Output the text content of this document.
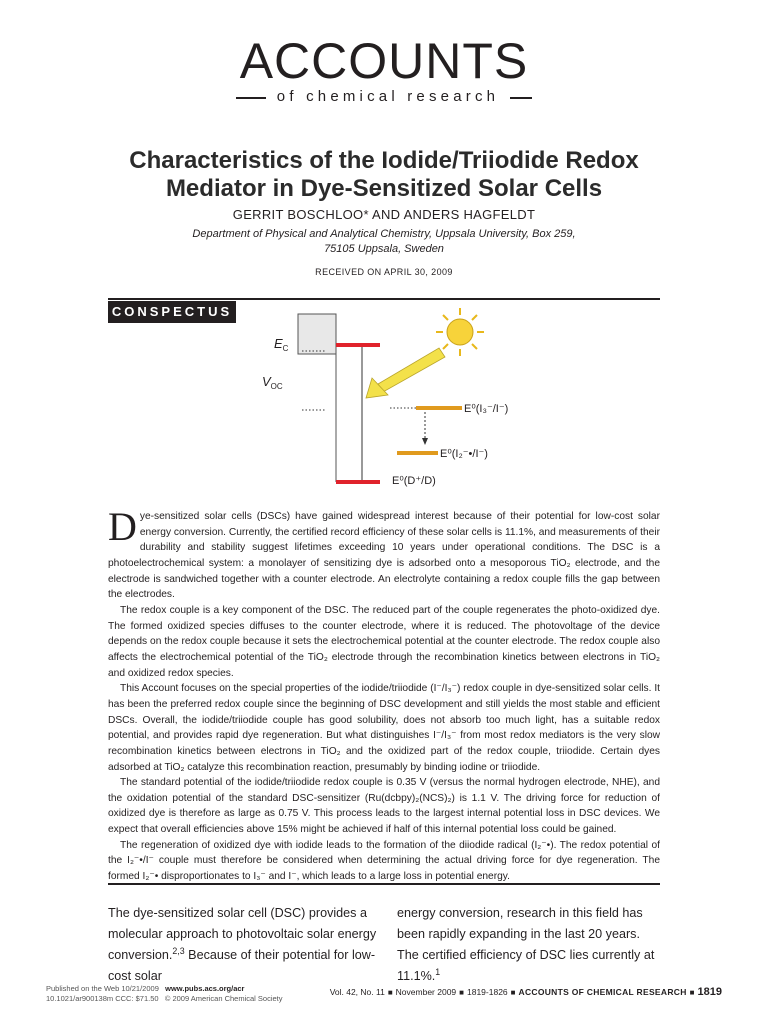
ACCOUNTS
of chemical research
Characteristics of the Iodide/Triiodide Redox
Mediator in Dye-Sensitized Solar Cells
GERRIT BOSCHLOO* AND ANDERS HAGFELDT
Department of Physical and Analytical Chemistry, Uppsala University, Box 259,
75105 Uppsala, Sweden
RECEIVED ON APRIL 30, 2009
CONSPECTUS
$E_C$
$V_{OC}$
E⁰(I₃⁻/I⁻)
E⁰(I₂⁻•/I⁻)
E⁰(D⁺/D)

Dye-sensitized solar cells (DSCs) have gained widespread interest because of their potential for low-cost solar energy conversion. Currently, the certified record efficiency of these solar cells is 11.1%, and measurements of their durability and stability suggest lifetimes exceeding 10 years under operational conditions. The DSC is a photoelectrochemical system: a monolayer of sensitizing dye is adsorbed onto a mesoporous TiO₂ electrode, and the electrode is sandwiched together with a counter electrode. An electrolyte containing a redox couple fills the gap between the electrodes.

The redox couple is a key component of the DSC. The reduced part of the couple regenerates the photo-oxidized dye. The formed oxidized species diffuses to the counter electrode, where it is reduced. The photovoltage of the device depends on the redox couple because it sets the electrochemical potential at the counter electrode. The redox couple also affects the electrochemical potential of the TiO₂ electrode through the recombination kinetics between electrons in TiO₂ and oxidized redox species.

This Account focuses on the special properties of the iodide/triiodide (I⁻/I₃⁻) redox couple in dye-sensitized solar cells. It has been the preferred redox couple since the beginning of DSC development and still yields the most stable and efficient DSCs. Overall, the iodide/triiodide couple has good solubility, does not absorb too much light, has a suitable redox potential, and provides rapid dye regeneration. But what distinguishes I⁻/I₃⁻ from most redox mediators is the very slow recombination kinetics between electrons in TiO₂ and the oxidized part of the redox couple, triiodide. Certain dyes adsorbed at TiO₂ catalyze this recombination reaction, presumably by binding iodine or triiodide.

The standard potential of the iodide/triiodide redox couple is 0.35 V (versus the normal hydrogen electrode, NHE), and the oxidation potential of the standard DSC-sensitizer (Ru(dcbpy)₂(NCS)₂) is 1.1 V. The driving force for reduction of oxidized dye is therefore as large as 0.75 V. This process leads to the largest internal potential loss in DSC devices. We expect that overall efficiencies above 15% might be achieved if half of this internal potential loss could be gained.

The regeneration of oxidized dye with iodide leads to the formation of the diiodide radical (I₂⁻•). The redox potential of the I₂⁻•/I⁻ couple must therefore be considered when determining the actual driving force for dye regeneration. The formed I₂⁻• disproportionates to I₃⁻ and I⁻, which leads to a large loss in potential energy.

The dye-sensitized solar cell (DSC) provides a molecular approach to photovoltaic solar energy conversion.$^{2,3}$ Because of their potential for low-cost solar
energy conversion, research in this field has been rapidly expanding in the last 20 years. The certified efficiency of DSC lies currently at 11.1%.$^1$
Published on the Web 10/21/2009 www.pubs.acs.org/acr
10.1021/ar900138m CCC: $71.50 © 2009 American Chemical Society
Vol. 42, No. 11 ■ November 2009 ■ 1819-1826 ■ ACCOUNTS OF CHEMICAL RESEARCH ■ 1819
